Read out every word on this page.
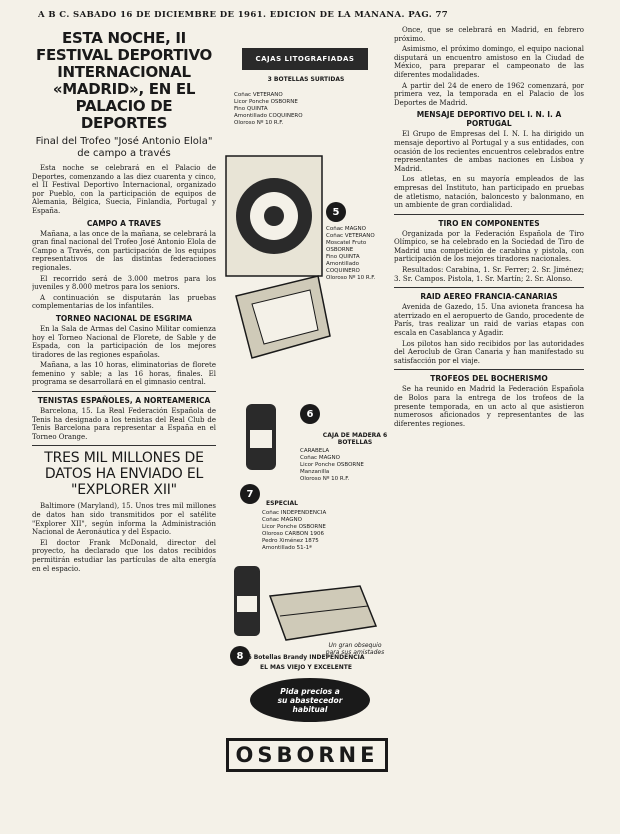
A B C. SABADO 16 DE DICIEMBRE DE 1961. EDICION DE LA MAÑANA. PAG. 77
ESTA NOCHE, II FESTIVAL DEPORTIVO INTERNACIONAL «MADRID», EN EL PALACIO DE DEPORTES
Final del Trofeo "José Antonio Elola" de campo a través

Esta noche se celebrará en el Palacio de Deportes, comenzando a las diez cuarenta y cinco, el II Festival Deportivo Internacional, organizado por Pueblo, con la participación de equipos de Alemania, Bélgica, Suecia, Finlandia, Portugal y España.

CAMPO A TRAVES

Mañana, a las once de la mañana, se celebrará la gran final nacional del Trofeo José Antonio Elola de Campo a Través, con participación de los equipos representativos de las distintas federaciones regionales.

El recorrido será de 3.000 metros para los juveniles y 8.000 metros para los seniors.

A continuación se disputarán las pruebas complementarias de los infantiles.

TORNEO NACIONAL DE ESGRIMA

En la Sala de Armas del Casino Militar comienza hoy el Torneo Nacional de Florete, de Sable y de Espada, con la participación de los mejores tiradores de las regiones españolas.

Mañana, a las 10 horas, eliminatorias de florete femenino y sable; a las 16 horas, finales. El programa se desarrollará en el gimnasio central.

TENISTAS ESPAÑOLES, A NORTEAMERICA

Barcelona, 15. La Real Federación Española de Tenis ha designado a los tenistas del Real Club de Tenis Barcelona para representar a España en el Torneo Orange.

TRES MIL MILLONES DE DATOS HA ENVIADO EL "EXPLORER XII"

Baltimore (Maryland), 15. Unos tres mil millones de datos han sido transmitidos por el satélite "Explorer XII", según informa la Administración Nacional de Aeronáutica y del Espacio.

El doctor Frank McDonald, director del proyecto, ha declarado que los datos recibidos permitirán estudiar las partículas de alta energía en el espacio.

CAJAS LITOGRAFIADAS
3 BOTELLAS SURTIDAS
Coñac VETERANO
Licor Ponche OSBORNE
Fino QUINTA
Amontillado COQUINERO
Oloroso Nº 10 R.F.
5
Coñac MAGNO
Coñac VETERANO
Moscatel Fruto
OSBORNE
Fino QUINTA
Amontillado COQUINERO
Oloroso Nº 10 R.F.
CAJA DE MADERA 6 BOTELLAS
6
CARABELA
Coñac MAGNO
Licor Ponche OSBORNE
Manzanilla
Oloroso Nº 10 R.F.
ESPECIAL
7
Coñac INDEPENDENCIA
Coñac MAGNO
Licor Ponche OSBORNE
Oloroso CARBON 1906
Pedro Ximénez 1875
Amontillado 51-1ª
8
Un gran obsequio para sus amistades
6 Botellas Brandy INDEPENDENCIA
EL MAS VIEJO Y EXCELENTE
Pida precios a
su abastecedor
habitual
OSBORNE

Once, que se celebrará en Madrid, en febrero próximo.

Asimismo, el próximo domingo, el equipo nacional disputará un encuentro amistoso en la Ciudad de México, para preparar el campeonato de las diferentes modalidades.

A partir del 24 de enero de 1962 comenzará, por primera vez, la temporada en el Palacio de los Deportes de Madrid.

MENSAJE DEPORTIVO DEL I. N. I. A PORTUGAL

El Grupo de Empresas del I. N. I. ha dirigido un mensaje deportivo al Portugal y a sus entidades, con ocasión de los recientes encuentros celebrados entre representantes de ambas naciones en Lisboa y Madrid.

Los atletas, en su mayoría empleados de las empresas del Instituto, han participado en pruebas de atletismo, natación, baloncesto y balonmano, en un ambiente de gran cordialidad.

TIRO EN COMPONENTES

Organizada por la Federación Española de Tiro Olímpico, se ha celebrado en la Sociedad de Tiro de Madrid una competición de carabina y pistola, con participación de los mejores tiradores nacionales.

Resultados: Carabina, 1. Sr. Ferrer; 2. Sr. Jiménez; 3. Sr. Campos. Pistola, 1. Sr. Martín; 2. Sr. Alonso.

RAID AEREO FRANCIA-CANARIAS

Avenida de Gazedo, 15. Una avioneta francesa ha aterrizado en el aeropuerto de Gando, procedente de París, tras realizar un raid de varias etapas con escala en Casablanca y Agadir.

Los pilotos han sido recibidos por las autoridades del Aeroclub de Gran Canaria y han manifestado su satisfacción por el viaje.

TROFEOS DEL BOCHERISMO

Se ha reunido en Madrid la Federación Española de Bolos para la entrega de los trofeos de la presente temporada, en un acto al que asistieron numerosos aficionados y representantes de las diferentes regiones.
